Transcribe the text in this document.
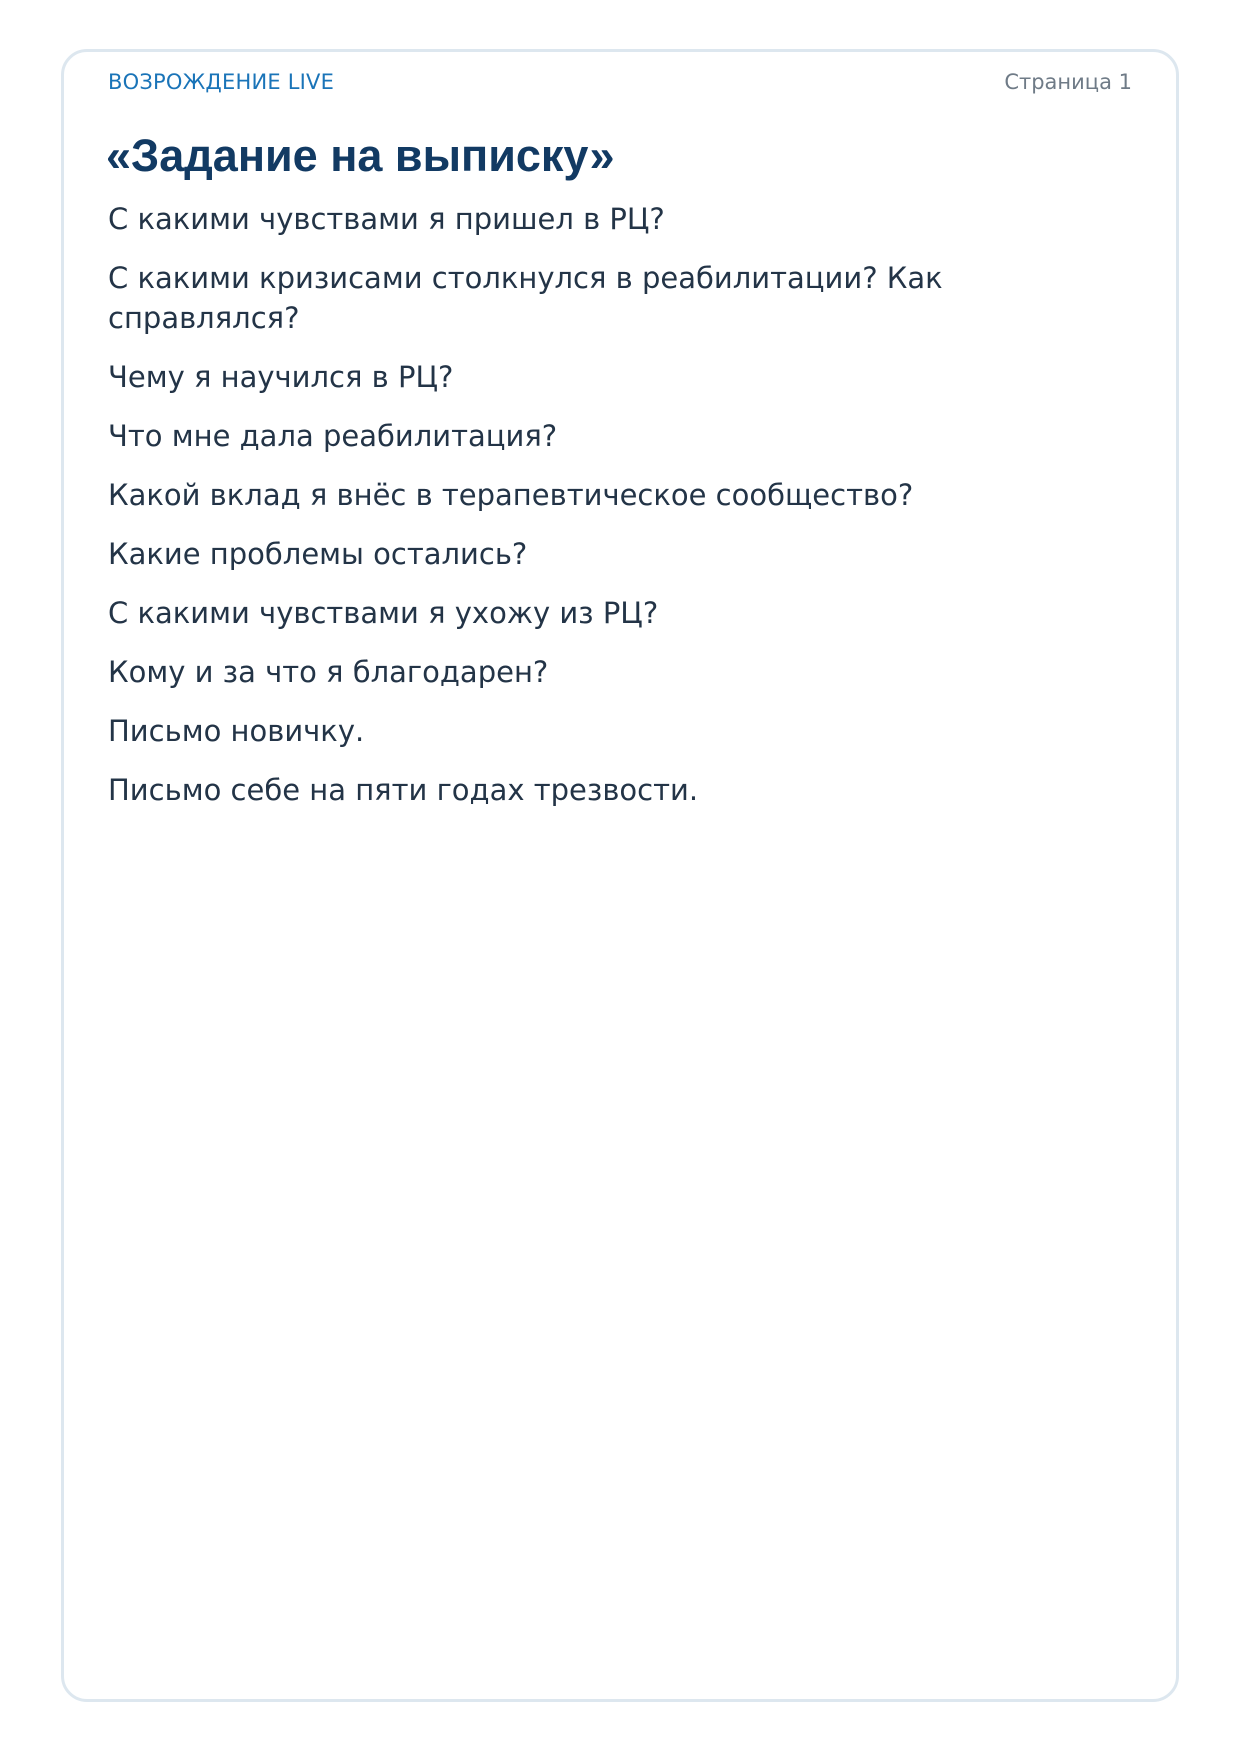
ВОЗРОЖДЕНИЕ LIVE	Страница 1
«Задание на выписку»
С какими чувствами я пришел в РЦ?
С какими кризисами столкнулся в реабилитации? Как справлялся?
Чему я научился в РЦ?
Что мне дала реабилитация?
Какой вклад я внёс в терапевтическое сообщество?
Какие проблемы остались?
С какими чувствами я ухожу из РЦ?
Кому и за что я благодарен?
Письмо новичку.
Письмо себе на пяти годах трезвости.
